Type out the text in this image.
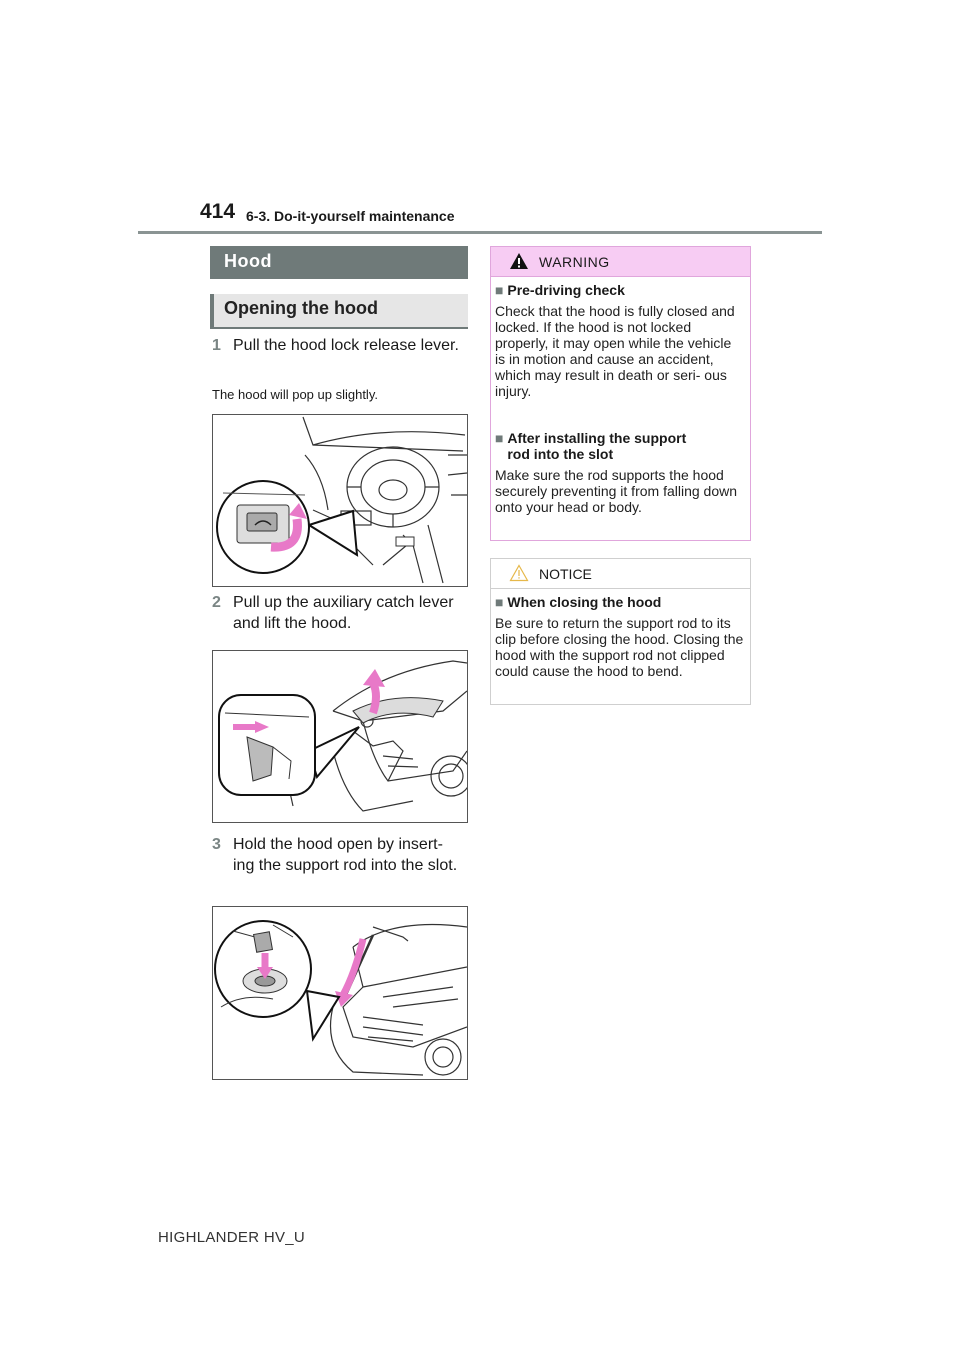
414 6-3. Do-it-yourself maintenance
Hood
Opening the hood
1 Pull the hood lock release lever.
The hood will pop up slightly.
2 Pull up the auxiliary catch lever and lift the hood.
3 Hold the hood open by insert- ing the support rod into the slot.
WARNING
■ Pre-driving check
Check that the hood is fully closed and locked. If the hood is not locked properly, it may open while the vehicle is in motion and cause an accident, which may result in death or seri- ous injury.
■ After installing the support rod into the slot
Make sure the rod supports the hood securely preventing it from falling down onto your head or body.
NOTICE
■ When closing the hood
Be sure to return the support rod to its clip before closing the hood. Closing the hood with the support rod not clipped could cause the hood to bend.
HIGHLANDER HV_U
